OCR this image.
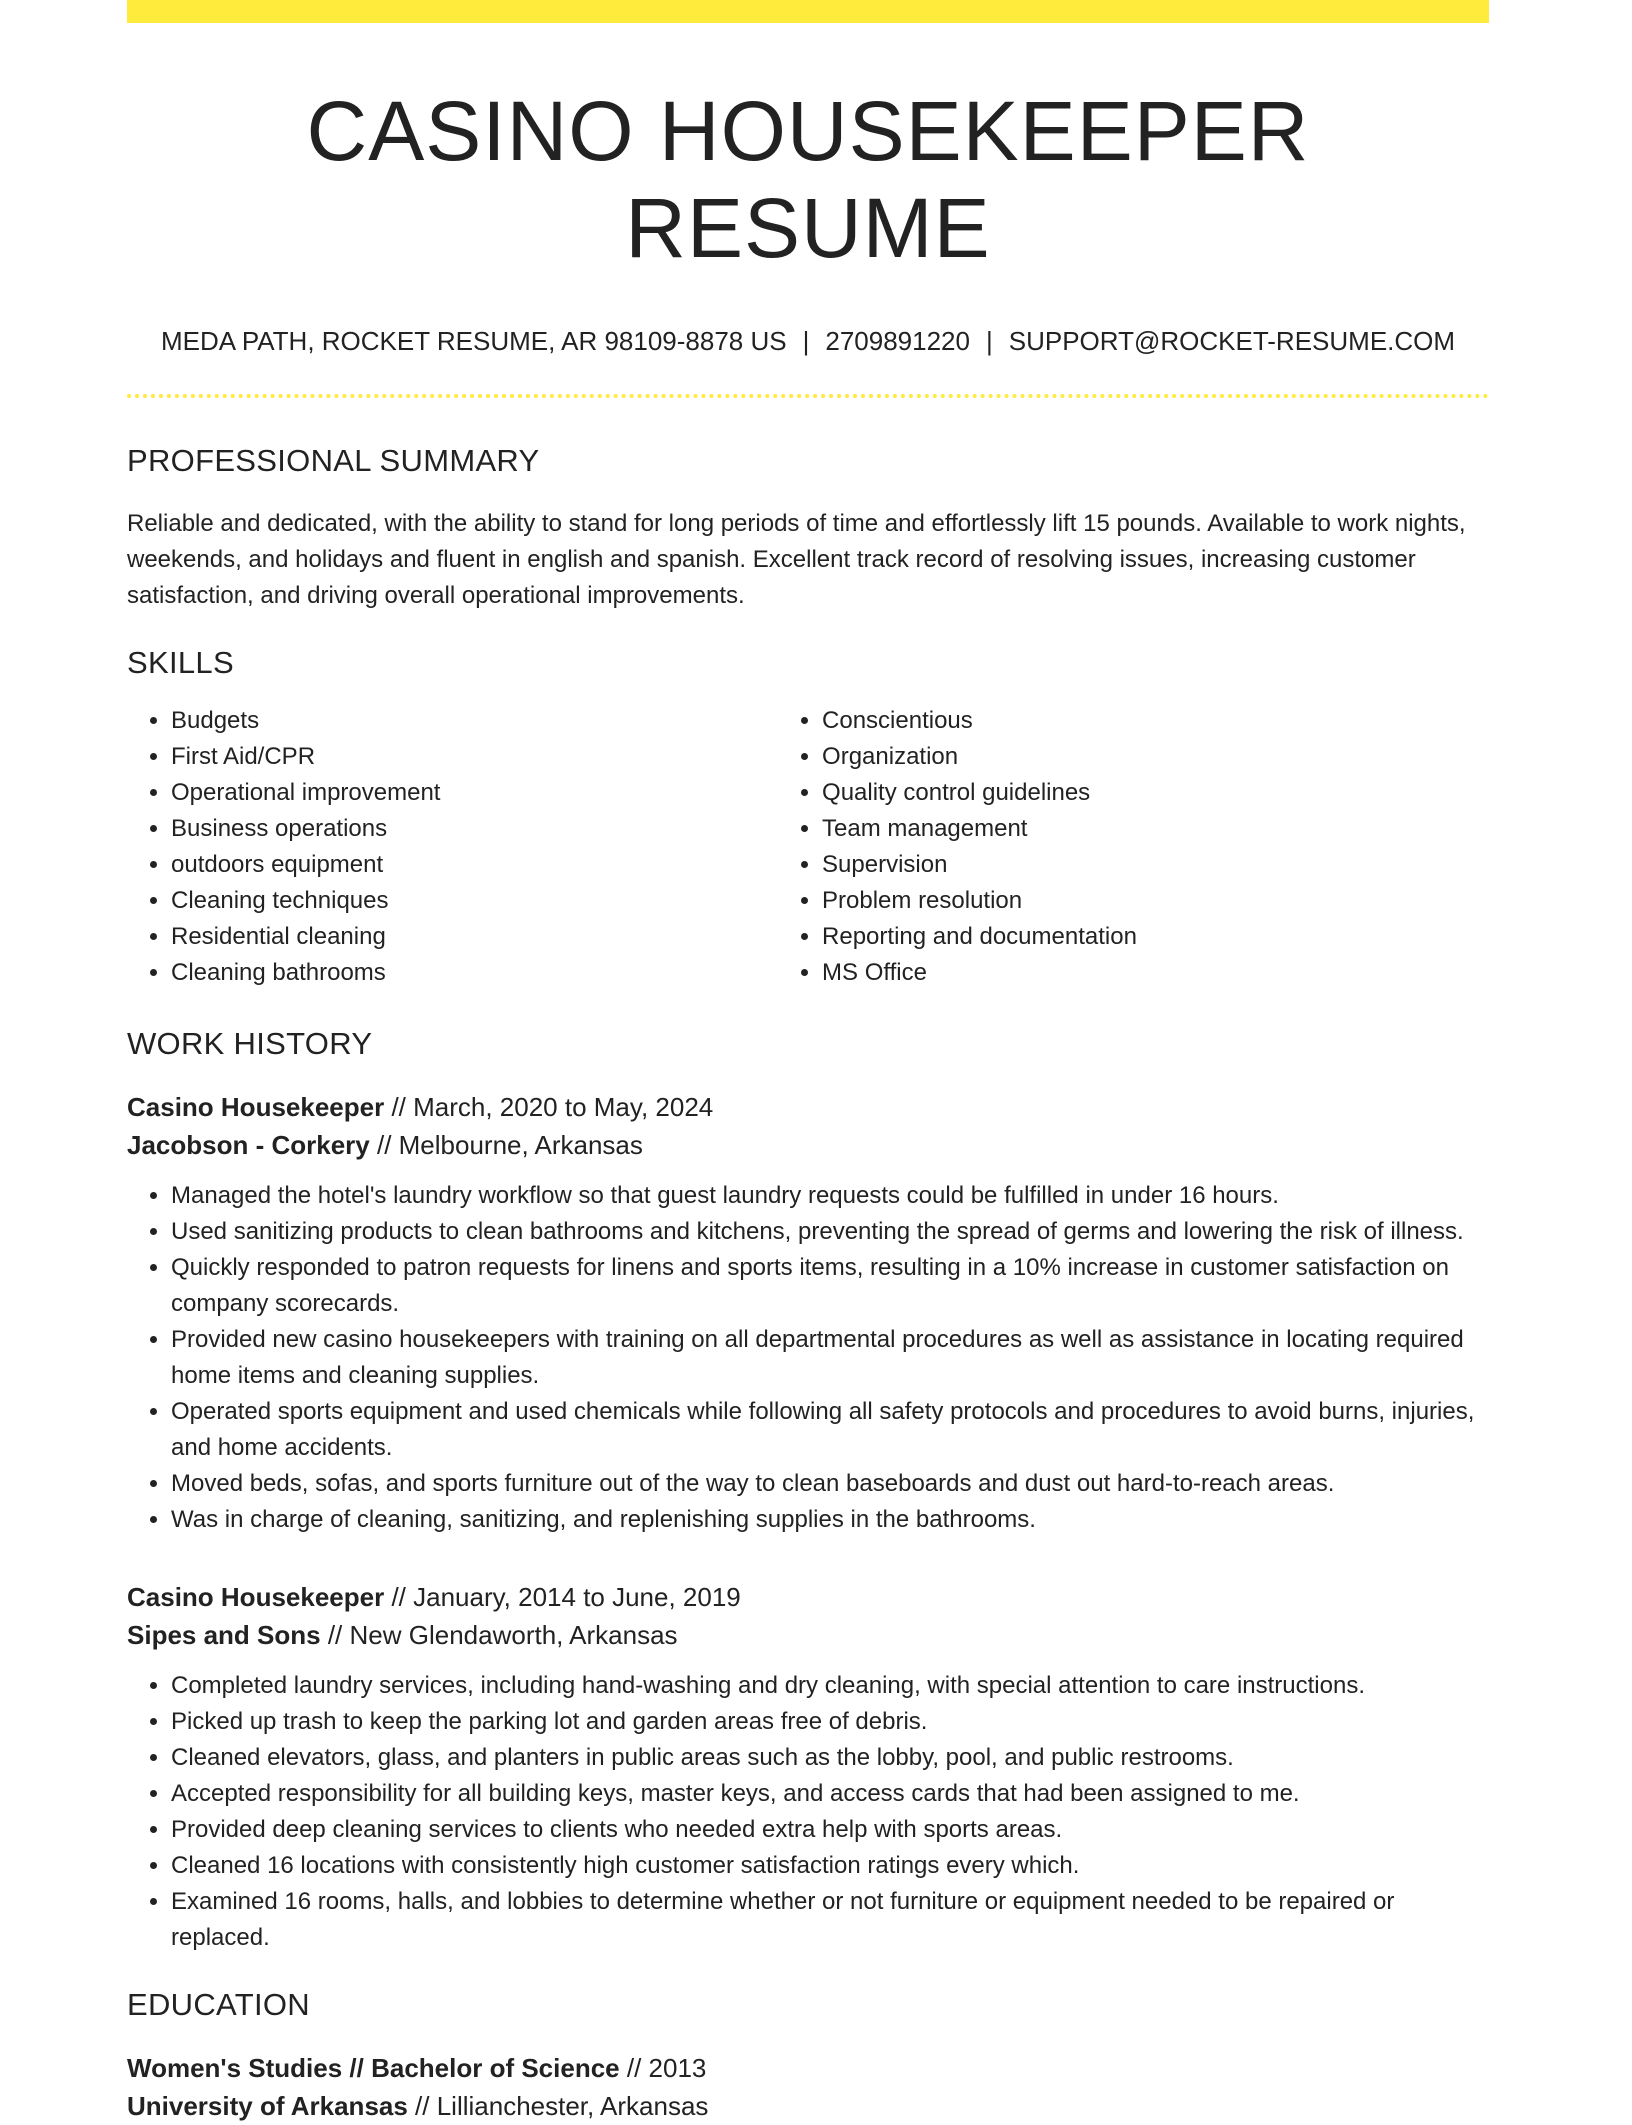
CASINO HOUSEKEEPER RESUME
MEDA PATH, ROCKET RESUME, AR 98109-8878 US | 2709891220 | SUPPORT@ROCKET-RESUME.COM
PROFESSIONAL SUMMARY

Reliable and dedicated, with the ability to stand for long periods of time and effortlessly lift 15 pounds. Available to work nights, weekends, and holidays and fluent in english and spanish. Excellent track record of resolving issues, increasing customer satisfaction, and driving overall operational improvements.

SKILLS
• Budgets
• First Aid/CPR
• Operational improvement
• Business operations
• outdoors equipment
• Cleaning techniques
• Residential cleaning
• Cleaning bathrooms
• Conscientious
• Organization
• Quality control guidelines
• Team management
• Supervision
• Problem resolution
• Reporting and documentation
• MS Office
WORK HISTORY
Casino Housekeeper // March, 2020 to May, 2024
Jacobson - Corkery // Melbourne, Arkansas
• Managed the hotel's laundry workflow so that guest laundry requests could be fulfilled in under 16 hours.
• Used sanitizing products to clean bathrooms and kitchens, preventing the spread of germs and lowering the risk of illness.
• Quickly responded to patron requests for linens and sports items, resulting in a 10% increase in customer satisfaction on company scorecards.
• Provided new casino housekeepers with training on all departmental procedures as well as assistance in locating required home items and cleaning supplies.
• Operated sports equipment and used chemicals while following all safety protocols and procedures to avoid burns, injuries, and home accidents.
• Moved beds, sofas, and sports furniture out of the way to clean baseboards and dust out hard-to-reach areas.
• Was in charge of cleaning, sanitizing, and replenishing supplies in the bathrooms.
Casino Housekeeper // January, 2014 to June, 2019
Sipes and Sons // New Glendaworth, Arkansas
• Completed laundry services, including hand-washing and dry cleaning, with special attention to care instructions.
• Picked up trash to keep the parking lot and garden areas free of debris.
• Cleaned elevators, glass, and planters in public areas such as the lobby, pool, and public restrooms.
• Accepted responsibility for all building keys, master keys, and access cards that had been assigned to me.
• Provided deep cleaning services to clients who needed extra help with sports areas.
• Cleaned 16 locations with consistently high customer satisfaction ratings every which.
• Examined 16 rooms, halls, and lobbies to determine whether or not furniture or equipment needed to be repaired or replaced.
EDUCATION
Women's Studies // Bachelor of Science // 2013
University of Arkansas // Lillianchester, Arkansas
